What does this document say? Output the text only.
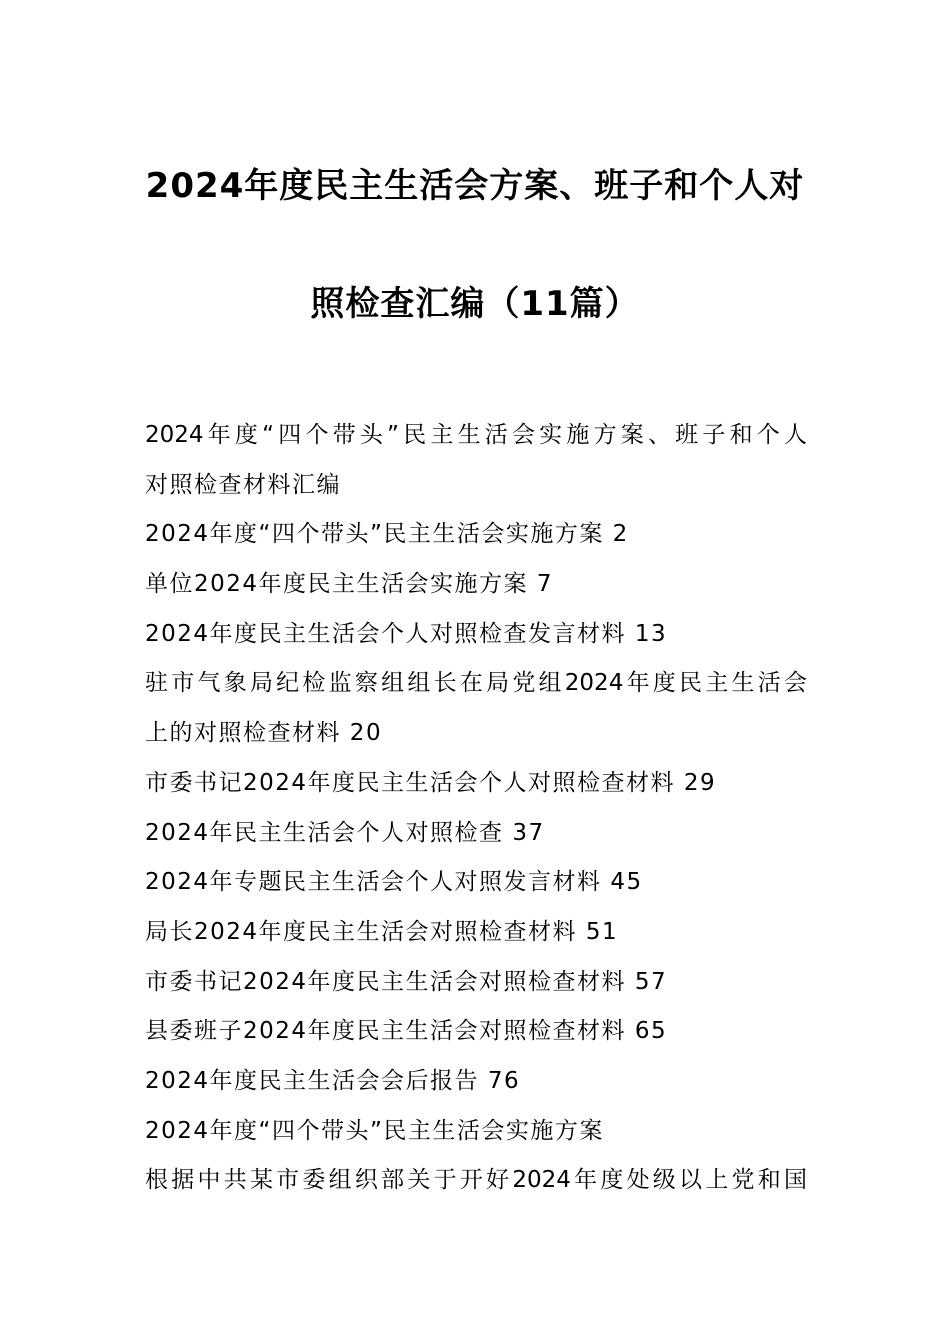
2024年度民主生活会方案、班子和个人对
照检查汇编（11篇）
2024年度“四个带头”民主生活会实施方案、班子和个人
对照检查材料汇编
2024年度“四个带头”民主生活会实施方案 2
单位2024年度民主生活会实施方案 7
2024年度民主生活会个人对照检查发言材料 13
驻市气象局纪检监察组组长在局党组2024年度民主生活会
上的对照检查材料 20
市委书记2024年度民主生活会个人对照检查材料 29
2024年民主生活会个人对照检查 37
2024年专题民主生活会个人对照发言材料 45
局长2024年度民主生活会对照检查材料 51
市委书记2024年度民主生活会对照检查材料 57
县委班子2024年度民主生活会对照检查材料 65
2024年度民主生活会会后报告 76
2024年度“四个带头”民主生活会实施方案
根据中共某市委组织部关于开好2024年度处级以上党和国
